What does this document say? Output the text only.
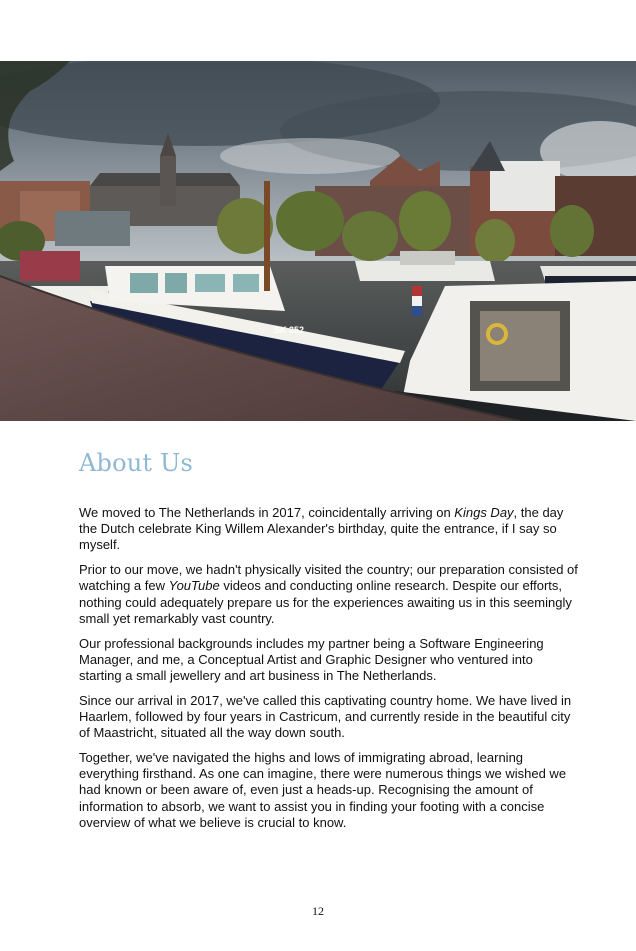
SK 352
About Us

We moved to The Netherlands in 2017, coincidentally arriving on Kings Day, the day the Dutch celebrate King Willem Alexander's birthday, quite the entrance, if I say so myself.

Prior to our move, we hadn't physically visited the country; our preparation consisted of watching a few YouTube videos and conducting online research. Despite our efforts, nothing could adequately prepare us for the experiences awaiting us in this seemingly small yet remarkably vast country.

Our professional backgrounds includes my partner being a Software Engineering Manager, and me, a Conceptual Artist and Graphic Designer who ventured into starting a small jewellery and art business in The Netherlands.

Since our arrival in 2017, we've called this captivating country home. We have lived in Haarlem, followed by four years in Castricum, and currently reside in the beautiful city of Maastricht, situated all the way down south.

Together, we've navigated the highs and lows of immigrating abroad, learning everything firsthand. As one can imagine, there were numerous things we wished we had known or been aware of, even just a heads-up. Recognising the amount of information to absorb, we want to assist you in finding your footing with a concise overview of what we believe is crucial to know.

12
